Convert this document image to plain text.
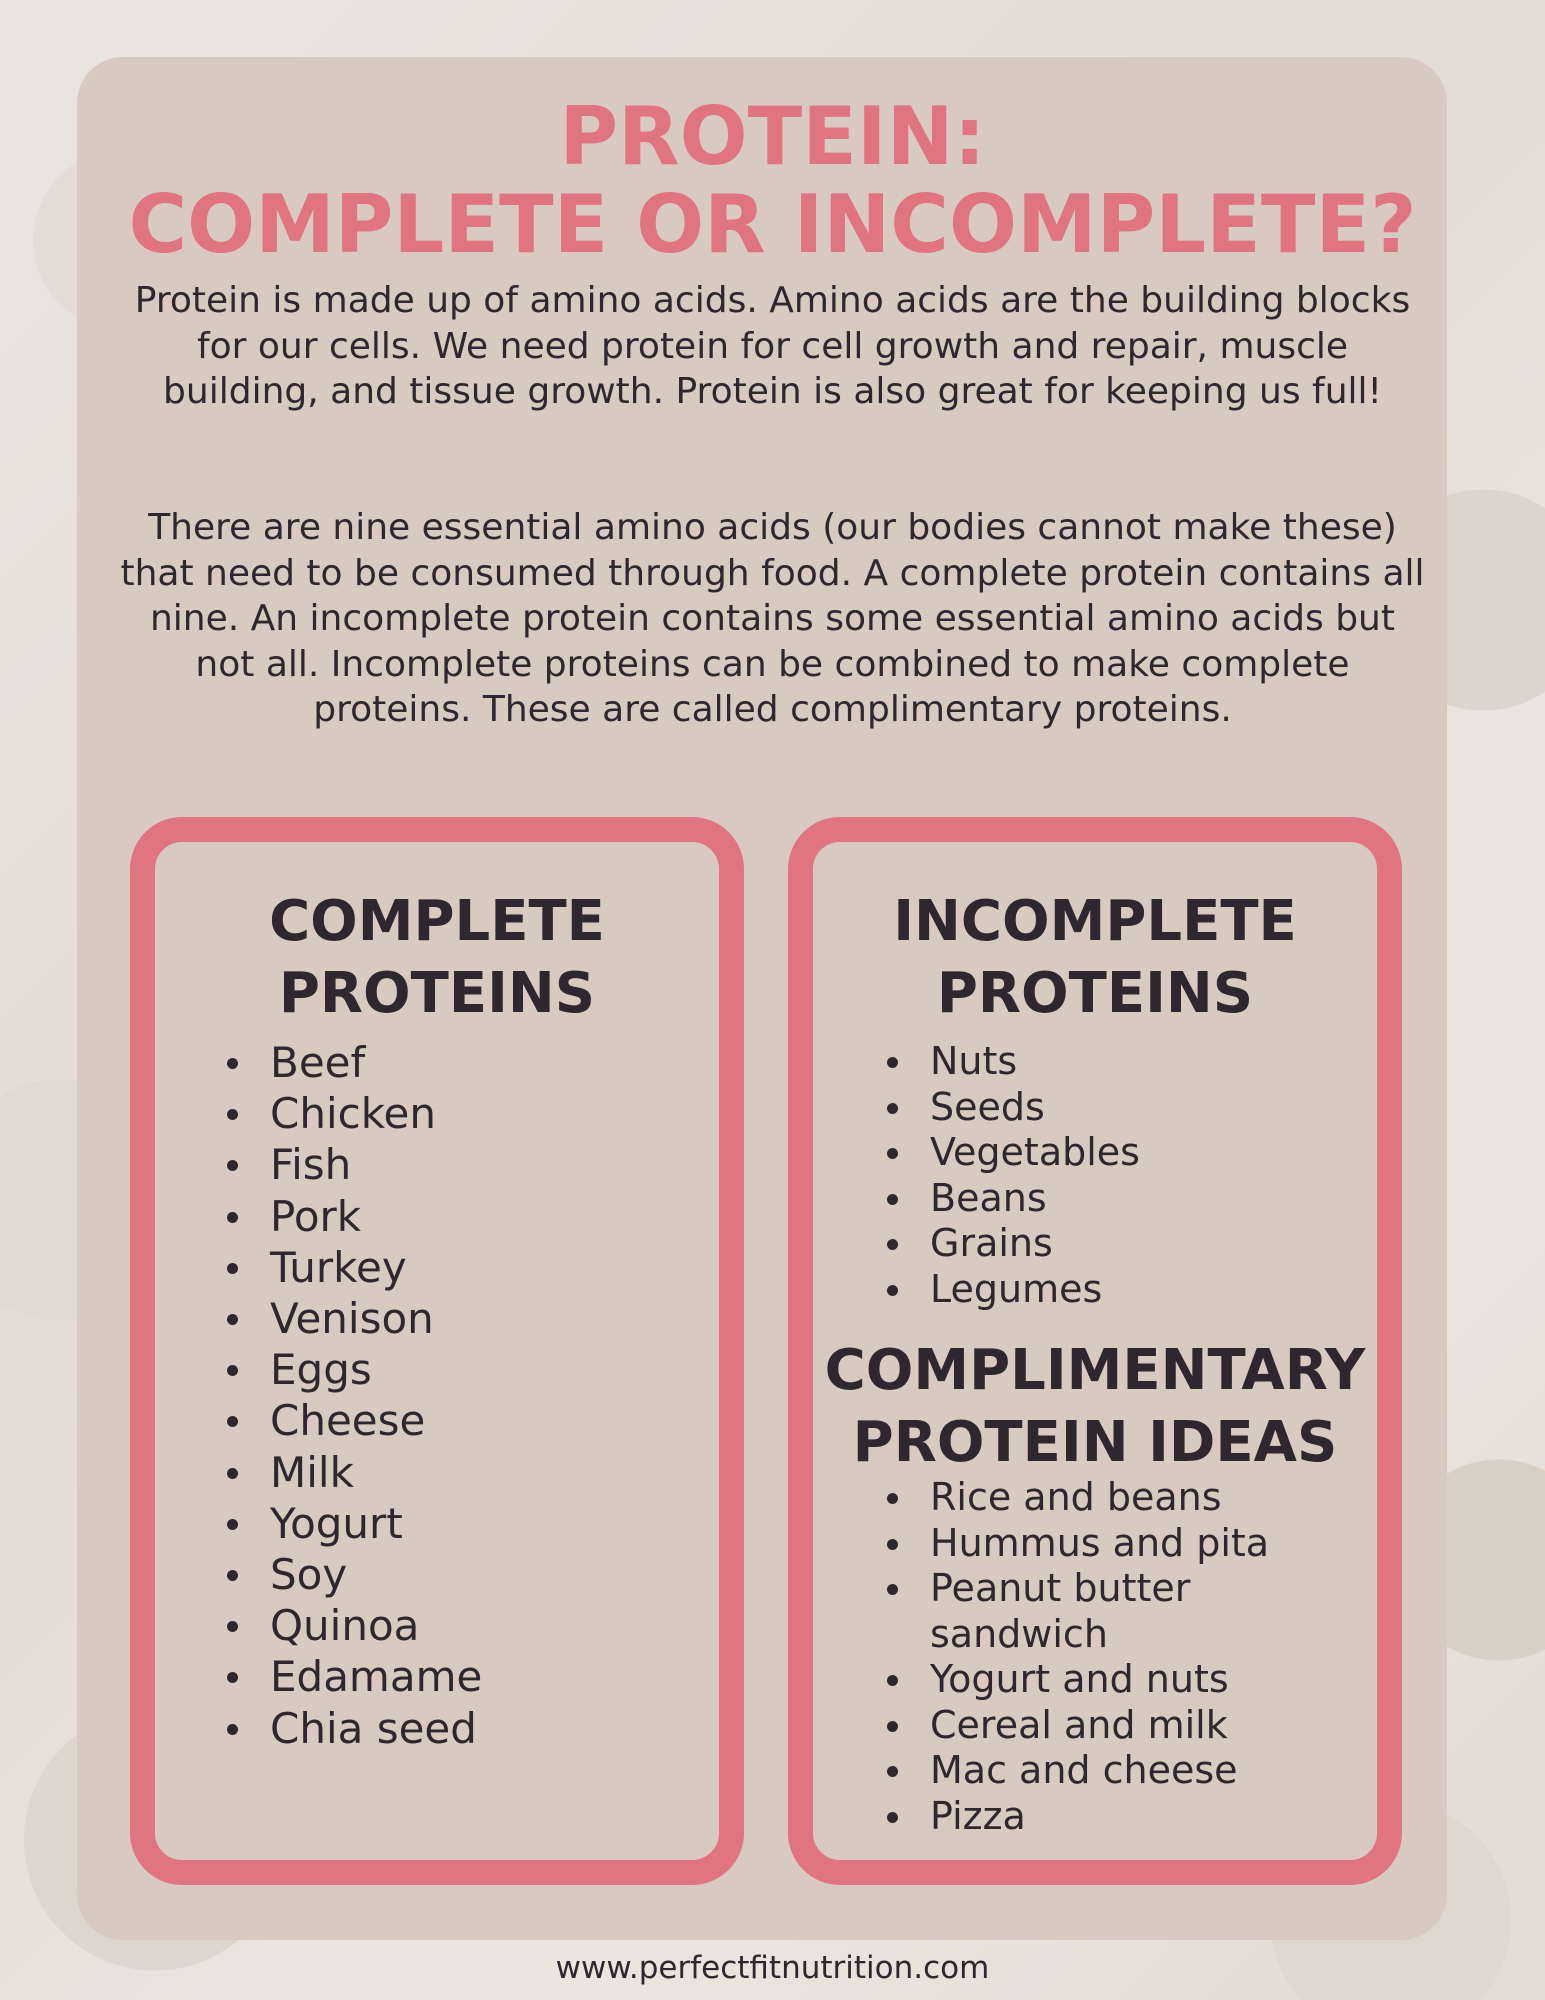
PROTEIN:
COMPLETE OR INCOMPLETE?

Protein is made up of amino acids. Amino acids are the building blocks for our cells. We need protein for cell growth and repair, muscle building, and tissue growth. Protein is also great for keeping us full!

There are nine essential amino acids (our bodies cannot make these) that need to be consumed through food. A complete protein contains all nine. An incomplete protein contains some essential amino acids but not all. Incomplete proteins can be combined to make complete proteins. These are called complimentary proteins.

COMPLETE
PROTEINS
Beef
Chicken
Fish
Pork
Turkey
Venison
Eggs
Cheese
Milk
Yogurt
Soy
Quinoa
Edamame
Chia seed
INCOMPLETE
PROTEINS
Nuts
Seeds
Vegetables
Beans
Grains
Legumes
COMPLIMENTARY
PROTEIN IDEAS
Rice and beans
Hummus and pita
Peanut butter sandwich
Yogurt and nuts
Cereal and milk
Mac and cheese
Pizza

www.perfectfitnutrition.com
